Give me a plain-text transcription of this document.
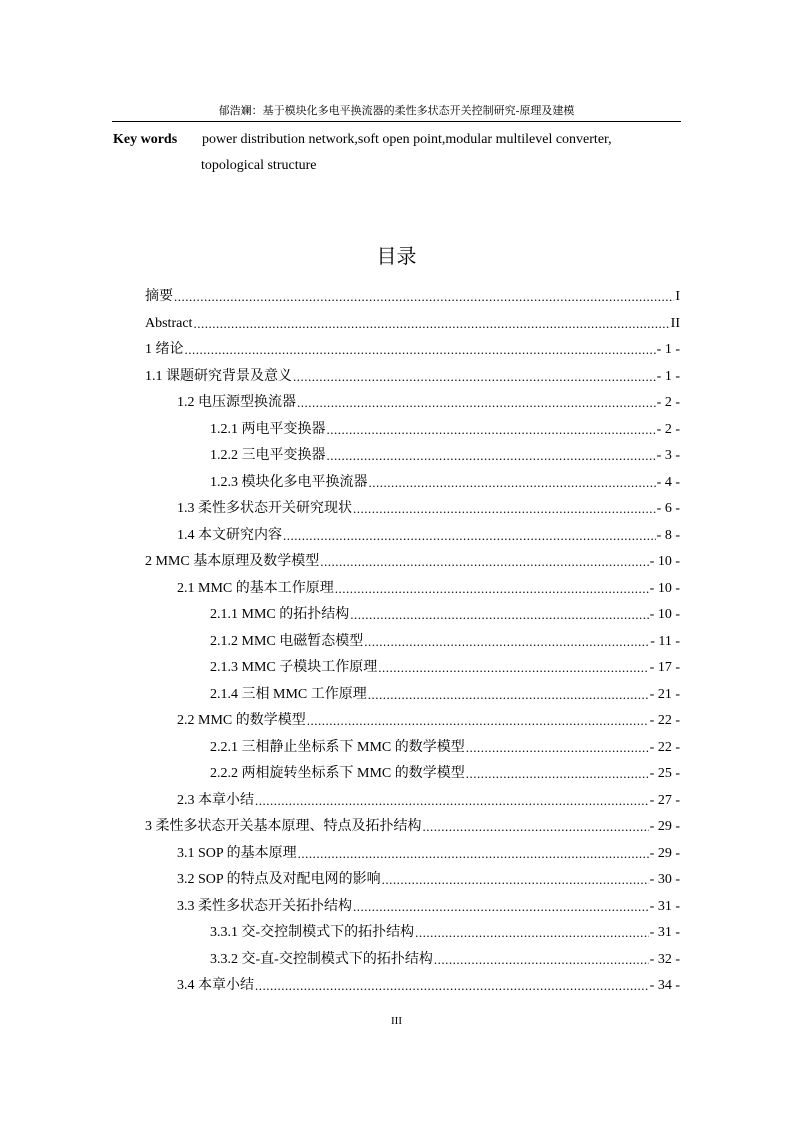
郁浩斓：基于模块化多电平换流器的柔性多状态开关控制研究-原理及建模
Key words power distribution network,soft open point,modular multilevel converter,
topological structure
目录
摘要 .....	I
Abstract .....	II
1 绪论 .....	- 1 -
1.1 课题研究背景及意义 .....	- 1 -
1.2 电压源型换流器 .....	- 2 -
1.2.1 两电平变换器 .....	- 2 -
1.2.2 三电平变换器 .....	- 3 -
1.2.3 模块化多电平换流器 .....	- 4 -
1.3 柔性多状态开关研究现状 .....	- 6 -
1.4 本文研究内容 .....	- 8 -
2 MMC 基本原理及数学模型 .....	- 10 -
2.1 MMC 的基本工作原理 .....	- 10 -
2.1.1 MMC 的拓扑结构 .....	- 10 -
2.1.2 MMC 电磁暂态模型 .....	- 11 -
2.1.3 MMC 子模块工作原理 .....	- 17 -
2.1.4 三相 MMC 工作原理 .....	- 21 -
2.2 MMC 的数学模型 .....	- 22 -
2.2.1 三相静止坐标系下 MMC 的数学模型 .....	- 22 -
2.2.2 两相旋转坐标系下 MMC 的数学模型 .....	- 25 -
2.3 本章小结 .....	- 27 -
3 柔性多状态开关基本原理、特点及拓扑结构 .....	- 29 -
3.1 SOP 的基本原理 .....	- 29 -
3.2 SOP 的特点及对配电网的影响 .....	- 30 -
3.3 柔性多状态开关拓扑结构 .....	- 31 -
3.3.1 交-交控制模式下的拓扑结构 .....	- 31 -
3.3.2 交-直-交控制模式下的拓扑结构 .....	- 32 -
3.4 本章小结 .....	- 34 -
III
